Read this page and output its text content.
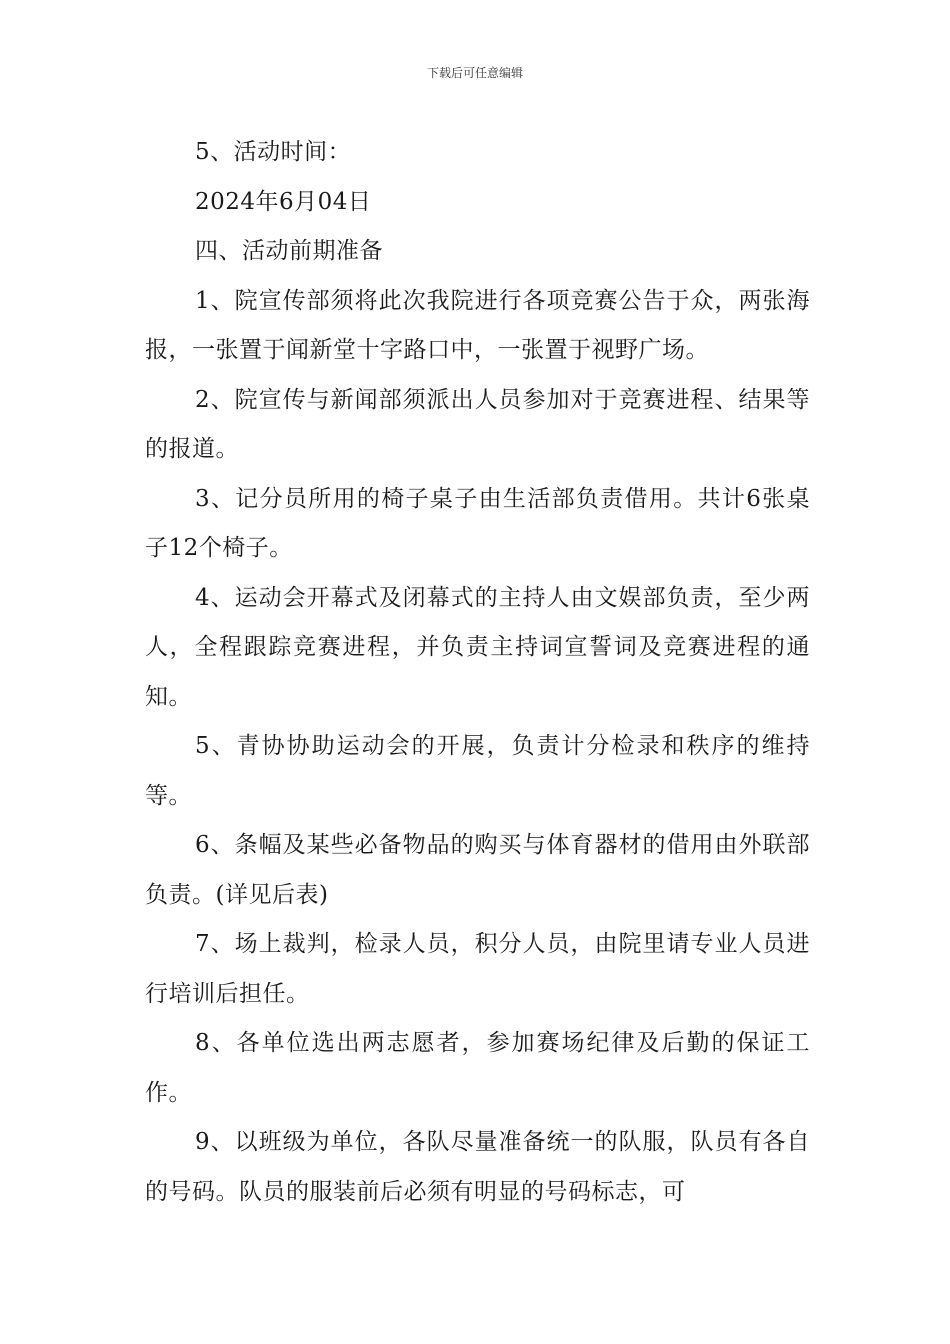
下载后可任意编辑

5、活动时间：

2024年6月04日

四、活动前期准备

1、院宣传部须将此次我院进行各项竞赛公告于众，两张海报，一张置于闻新堂十字路口中，一张置于视野广场。

2、院宣传与新闻部须派出人员参加对于竞赛进程、结果等的报道。

3、记分员所用的椅子桌子由生活部负责借用。共计6张桌子12个椅子。

4、运动会开幕式及闭幕式的主持人由文娱部负责，至少两人，全程跟踪竞赛进程，并负责主持词宣誓词及竞赛进程的通知。

5、青协协助运动会的开展，负责计分检录和秩序的维持等。

6、条幅及某些必备物品的购买与体育器材的借用由外联部负责。(详见后表)

7、场上裁判，检录人员，积分人员，由院里请专业人员进行培训后担任。

8、各单位选出两志愿者，参加赛场纪律及后勤的保证工作。

9、以班级为单位，各队尽量准备统一的队服，队员有各自的号码。队员的服装前后必须有明显的号码标志，可
